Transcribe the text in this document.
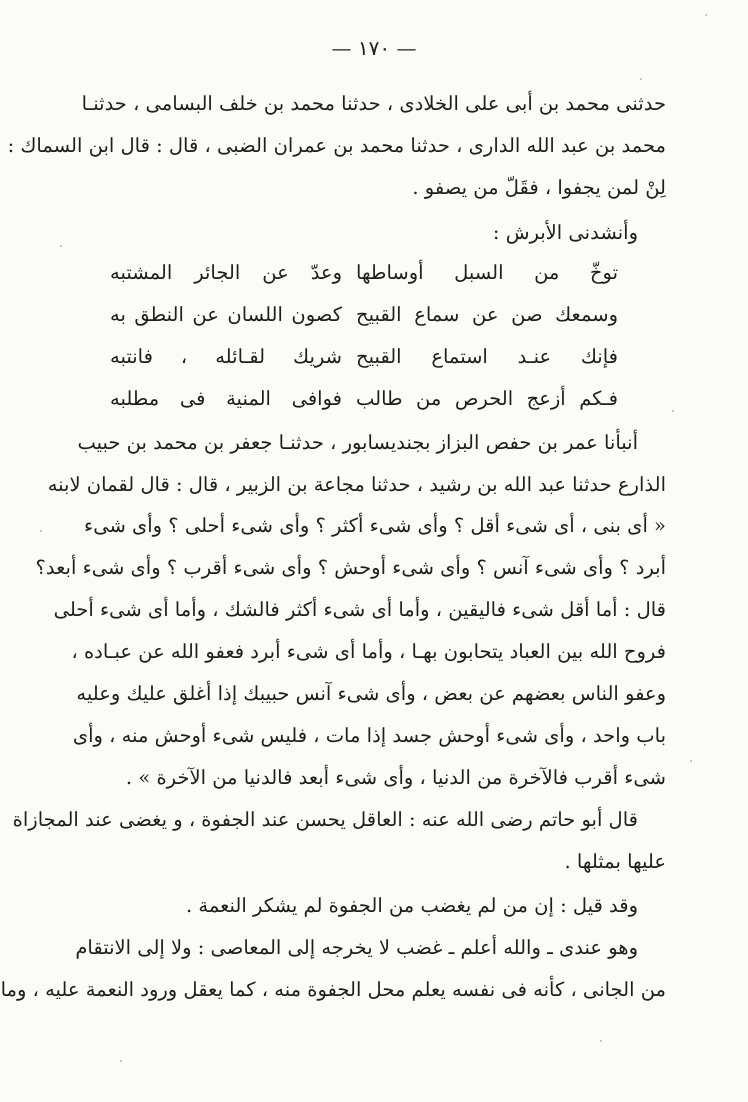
— ١٧٠ —
حدثنى محمد بن أبى على الخلادى ، حدثنا محمد بن خلف البسامى ، حدثنـا
محمد بن عبد الله الدارى ، حدثنا محمد بن عمران الضبى ، قال : قال ابن السماك :
لِنْ لمن يجفوا ، فقَلّ من يصفو .
وأنشدنى الأبرش :
توخّ من السبل أوساطها
وعدّ عن الجائر المشتبه
وسمعك صن عن سماع القبيح
كصون اللسان عن النطق به
فإنك عنـد استماع القبيح
شريك لقـائله ، فانتبه
فـكم أزعج الحرص من طالب
فوافى المنية فى مطلبه
أنبأنا عمر بن حفص البزاز بجنديسابور ، حدثنـا جعفر بن محمد بن حبيب
الذارع حدثنا عبد الله بن رشيد ، حدثنا مجاعة بن الزبير ، قال : قال لقمان لابنه
« أى بنى ، أى شىء أقل ؟ وأى شىء أكثر ؟ وأى شىء أحلى ؟ وأى شىء
أبرد ؟ وأى شىء آنس ؟ وأى شىء أوحش ؟ وأى شىء أقرب ؟ وأى شىء أبعد؟
قال : أما أقل شىء فاليقين ، وأما أى شىء أكثر فالشك ، وأما أى شىء أحلى
فروح الله بين العباد يتحابون بهـا ، وأما أى شىء أبرد فعفو الله عن عبـاده ،
وعفو الناس بعضهم عن بعض ، وأى شىء آنس حبيبك إذا أغلق عليك وعليه
باب واحد ، وأى شىء أوحش جسد إذا مات ، فليس شىء أوحش منه ، وأى
شىء أقرب فالآخرة من الدنيا ، وأى شىء أبعد فالدنيا من الآخرة » .
قال أبو حاتم رضى الله عنه : العاقل يحسن عند الجفوة ، و يغضى عند المجازاة
عليها بمثلها .
وقد قيل : إن من لم يغضب من الجفوة لم يشكر النعمة .
وهو عندى ـ والله أعلم ـ غضب لا يخرجه إلى المعاصى : ولا إلى الانتقام
من الجانى ، كأنه فى نفسه يعلم محل الجفوة منه ، كما يعقل ورود النعمة عليه ، وما
